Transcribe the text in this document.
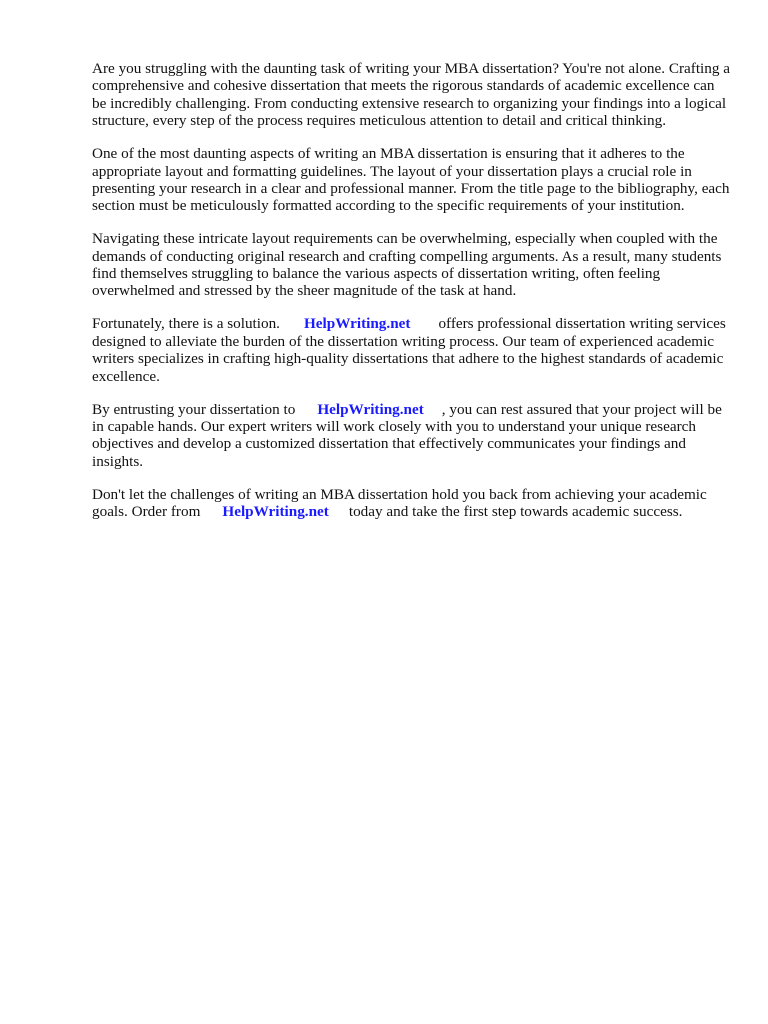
Are you struggling with the daunting task of writing your MBA dissertation? You're not alone. Crafting a comprehensive and cohesive dissertation that meets the rigorous standards of academic excellence can be incredibly challenging. From conducting extensive research to organizing your findings into a logical structure, every step of the process requires meticulous attention to detail and critical thinking.

One of the most daunting aspects of writing an MBA dissertation is ensuring that it adheres to the appropriate layout and formatting guidelines. The layout of your dissertation plays a crucial role in presenting your research in a clear and professional manner. From the title page to the bibliography, each section must be meticulously formatted according to the specific requirements of your institution.

Navigating these intricate layout requirements can be overwhelming, especially when coupled with the demands of conducting original research and crafting compelling arguments. As a result, many students find themselves struggling to balance the various aspects of dissertation writing, often feeling overwhelmed and stressed by the sheer magnitude of the task at hand.

Fortunately, there is a solution. HelpWriting.net offers professional dissertation writing services designed to alleviate the burden of the dissertation writing process. Our team of experienced academic writers specializes in crafting high-quality dissertations that adhere to the highest standards of academic excellence.

By entrusting your dissertation to HelpWriting.net , you can rest assured that your project will be in capable hands. Our expert writers will work closely with you to understand your unique research objectives and develop a customized dissertation that effectively communicates your findings and insights.

Don't let the challenges of writing an MBA dissertation hold you back from achieving your academic goals. Order from HelpWriting.net today and take the first step towards academic success.
